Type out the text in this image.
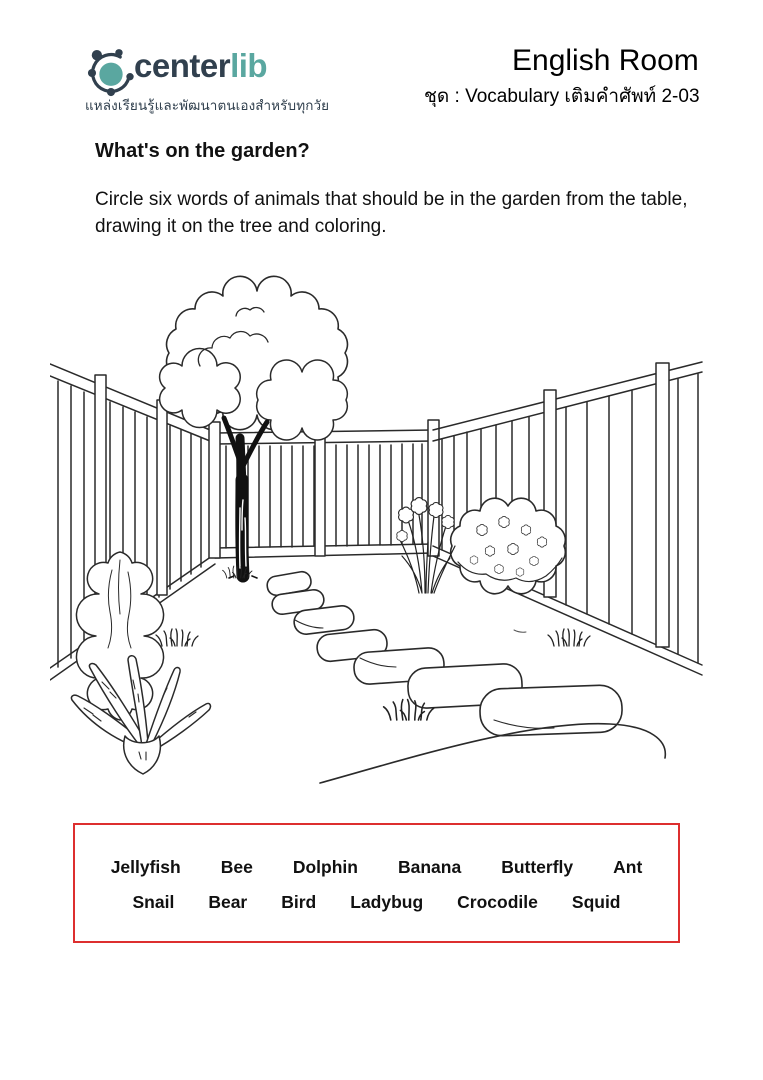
centerlib
แหล่งเรียนรู้และพัฒนาตนเองสำหรับทุกวัย
English Room
ชุด : Vocabulary เติมคำศัพท์ 2-03
What's on the garden?
Circle six words of animals that should be in the garden from the table,
drawing it on the tree and coloring.
Jellyfish Bee Dolphin Banana Butterfly Ant
Snail Bear Bird Ladybug Crocodile Squid
